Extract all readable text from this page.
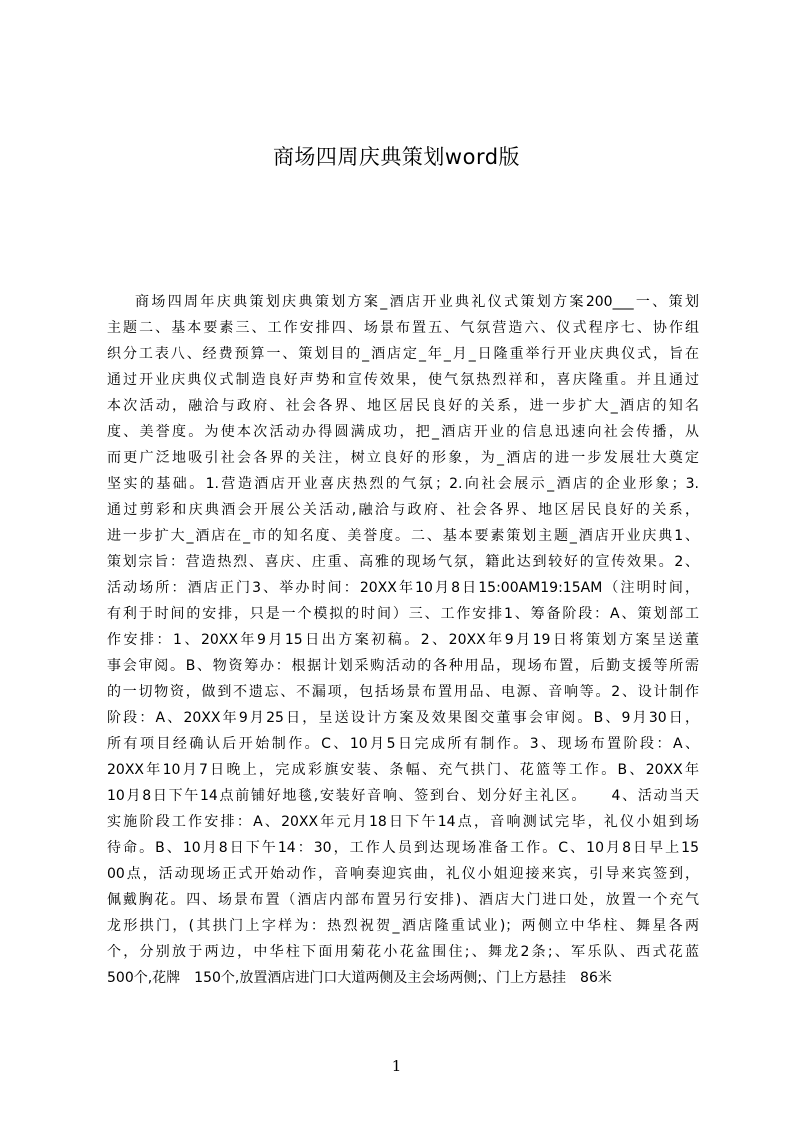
商场四周庆典策划word版
商场四周年庆典策划庆典策划方案_酒店开业典礼仪式策划方案200___一、策划
主题二、基本要素三、工作安排四、场景布置五、气氛营造六、仪式程序七、协作组
织分工表八、经费预算一、策划目的_酒店定_年_月_日隆重举行开业庆典仪式，旨在
通过开业庆典仪式制造良好声势和宣传效果，使气氛热烈祥和，喜庆隆重。并且通过
本次活动，融洽与政府、社会各界、地区居民良好的关系，进一步扩大_酒店的知名
度、美誉度。为使本次活动办得圆满成功，把_酒店开业的信息迅速向社会传播，从
而更广泛地吸引社会各界的关注，树立良好的形象，为_酒店的进一步发展壮大奠定
坚实的基础。1.营造酒店开业喜庆热烈的气氛；2.向社会展示_酒店的企业形象；3.
通过剪彩和庆典酒会开展公关活动,融洽与政府、社会各界、地区居民良好的关系，
进一步扩大_酒店在_市的知名度、美誉度。二、基本要素策划主题_酒店开业庆典1、
策划宗旨：营造热烈、喜庆、庄重、高雅的现场气氛，籍此达到较好的宣传效果。2、
活动场所：酒店正门3、举办时间：20XX年10月8日15:00AM19:15AM（注明时间，
有利于时间的安排，只是一个模拟的时间）三、工作安排1、筹备阶段：A、策划部工
作安排：1、20XX年9月15日出方案初稿。2、20XX年9月19日将策划方案呈送董
事会审阅。B、物资筹办：根据计划采购活动的各种用品，现场布置，后勤支援等所需
的一切物资，做到不遗忘、不漏项，包括场景布置用品、电源、音响等。2、设计制作
阶段：A、20XX年9月25日，呈送设计方案及效果图交董事会审阅。B、9月30日，
所有项目经确认后开始制作。C、10月5日完成所有制作。3、现场布置阶段：A、
20XX年10月7日晚上，完成彩旗安装、条幅、充气拱门、花篮等工作。B、20XX年
10月8日下午14点前铺好地毯,安装好音响、签到台、划分好主礼区。　　4、活动当天
实施阶段工作安排：A、20XX年元月18日下午14点，音响测试完毕，礼仪小姐到场
待命。B、10月8日下午14：30，工作人员到达现场准备工作。C、10月8日早上15
00点，活动现场正式开始动作，音响奏迎宾曲，礼仪小姐迎接来宾，引导来宾签到，
佩戴胸花。四、场景布置（酒店内部布置另行安排)、酒店大门进口处，放置一个充气
龙形拱门，(其拱门上字样为：热烈祝贺_酒店隆重试业)；两侧立中华柱、舞星各两
个，分别放于两边，中华柱下面用菊花小花盆围住;、舞龙2条;、军乐队、西式花蓝
500个,花牌　150个,放置酒店进门口大道两侧及主会场两侧;、门上方悬挂　86米
1
